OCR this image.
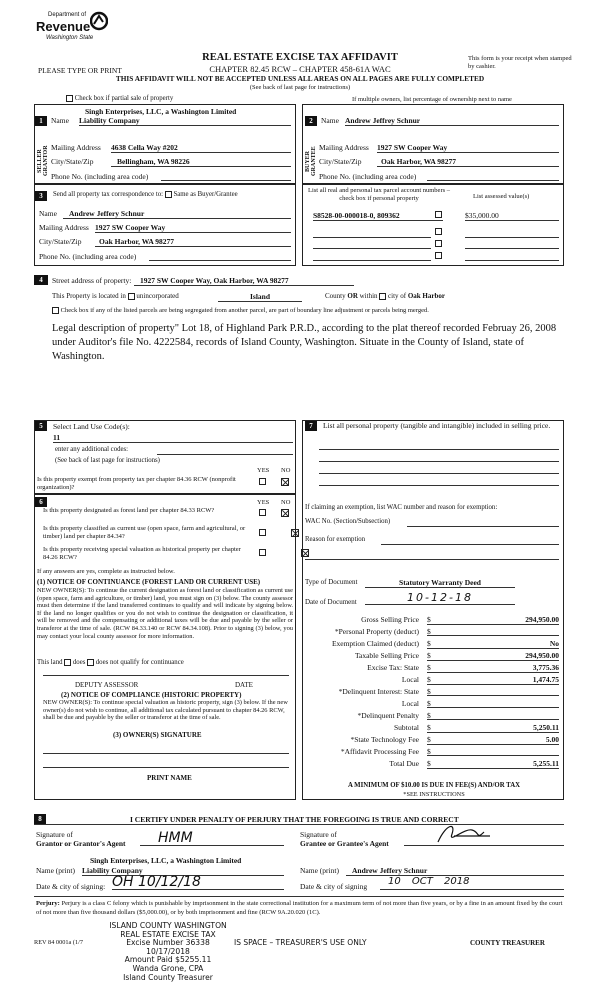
Department of
Revenue
Washington State
REAL ESTATE EXCISE TAX AFFIDAVIT
CHAPTER 82.45 RCW – CHAPTER 458-61A WAC
PLEASE TYPE OR PRINT
This form is your receipt when stamped by cashier.
THIS AFFIDAVIT WILL NOT BE ACCEPTED UNLESS ALL AREAS ON ALL PAGES ARE FULLY COMPLETED
(See back of last page for instructions)
Check box if partial sale of property	If multiple owners, list percentage of ownership next to name
1
SELLER GRANTOR
Name
Singh Enterprises, LLC, a Washington Limited
Liability Company
Mailing Address 4638 Cella Way #202
City/State/Zip	Bellingham, WA 98226
Phone No. (including area code)
2
BUYER GRANTEE
Name Andrew Jeffrey Schnur
Mailing Address 1927 SW Cooper Way
City/State/Zip	Oak Harbor, WA 98277
Phone No. (including area code)
3	Send all property tax correspondence to: Same as Buyer/Grantee
Name	Andrew Jeffery Schnur
Mailing Address 1927 SW Cooper Way
City/State/Zip	Oak Harbor, WA 98277
Phone No. (including area code)
List all real and personal tax parcel account numbers – check box if personal property	List assessed value(s)
S8528-00-000018-0, 809362	$35,000.00
4	Street address of property:	1927 SW Cooper Way, Oak Harbor, WA 98277
This Property is located in unincorporated	Island	County OR within city of Oak Harbor
Check box if any of the listed parcels are being segregated from another parcel, are part of boundary line adjustment or parcels being merged.
Legal description of property" Lot 18, of Highland Park P.R.D., according to the plat thereof recorded Februay 26, 2008 under Auditor's file No. 4222584, records of Island County, Washington. Situate in the County of Island, state of Washington.
5	Select Land Use Code(s):
11
enter any additional codes:
(See back of last page for instructions)
YES NO
Is this property exempt from property tax per chapter 84.36 RCW (nonprofit organization)?
6	YES NO
Is this property designated as forest land per chapter 84.33 RCW?

Is this property classified as current use (open space, farm and agricultural, or timber) land per chapter 84.34?

Is this property receiving special valuation as historical property per chapter 84.26 RCW?
If any answers are yes, complete as instructed below.
(1) NOTICE OF CONTINUANCE (FOREST LAND OR CURRENT USE)
NEW OWNER(S): To continue the current designation as forest land or classification as current use (open space, farm and agriculture, or timber) land, you must sign on (3) below. The county assessor must then determine if the land transferred continues to qualify and will indicate by signing below. If the land no longer qualifies or you do not wish to continue the designation or classification, it will be removed and the compensating or additional taxes will be due and payable by the seller or transferor at the time of sale. (RCW 84.33.140 or RCW 84.34.108). Prior to signing (3) below, you may contact your local county assessor for more information.
This land does does not qualify for continuance
DEPUTY ASSESSOR	DATE
(2) NOTICE OF COMPLIANCE (HISTORIC PROPERTY)
NEW OWNER(S): To continue special valuation as historic property, sign (3) below. If the new owner(s) do not wish to continue, all additional tax calculated pursuant to chapter 84.26 RCW, shall be due and payable by the seller or transferor at the time of sale.
(3) OWNER(S) SIGNATURE
PRINT NAME
7	List all personal property (tangible and intangible) included in selling price.
If claiming an exemption, list WAC number and reason for exemption:
WAC No. (Section/Subsection)
Reason for exemption
Type of Document	Statutory Warranty Deed
Date of Document	10-12-18
Gross Selling Price $	294,950.00
*Personal Property (deduct) $
Exemption Claimed (deduct) $	No
Taxable Selling Price $	294,950.00
Excise Tax: State $	3,775.36
Local $	1,474.75
*Delinquent Interest: State $
Local $
*Delinquent Penalty $
Subtotal $	5,250.11
*State Technology Fee $	5.00
*Affidavit Processing Fee $
Total Due $	5,255.11
A MINIMUM OF $10.00 IS DUE IN FEE(S) AND/OR TAX
*SEE INSTRUCTIONS
8	I CERTIFY UNDER PENALTY OF PERJURY THAT THE FOREGOING IS TRUE AND CORRECT
Signature of
Grantor or Grantor's Agent	HMM
Singh Enterprises, LLC, a Washington Limited
Name (print) Liability Company
Date & city of signing: OH 10/12/18
Signature of
Grantee or Grantee's Agent
Name (print)	Andrew Jeffery Schnur
Date & city of signing	10 OCT 2018
Perjury: Perjury is a class C felony which is punishable by imprisonment in the state correctional institution for a maximum term of not more than five years, or by a fine in an amount fixed by the court of not more than five thousand dollars ($5,000.00), or by both imprisonment and fine (RCW 9A.20.020 (1C).
REV 84 0001a (1/7
ISLAND COUNTY WASHINGTON
REAL ESTATE EXCISE TAX
Excise Number 36338
10/17/2018
Amount Paid $5255.11
Wanda Grone, CPA
Island County Treasurer
IS SPACE – TREASURER'S USE ONLY	COUNTY TREASURER
